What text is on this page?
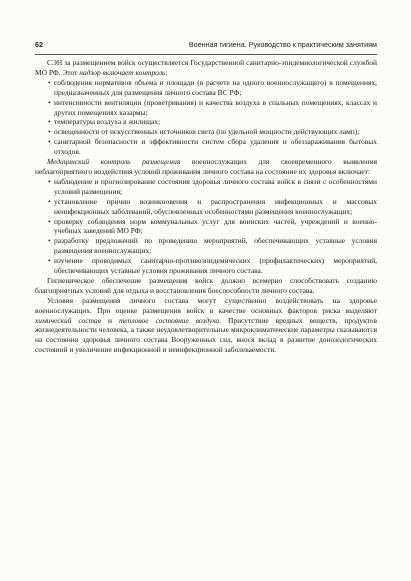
62	Военная гигиена. Руководство к практическим занятиям

СЭН за размещением войск осуществляется Государственной санитарно-эпидемиологической службой МО РФ. Этот надзор включает контроль:

• соблюдения нормативов объема и площади (в расчете на одного военнослужащего) в помещениях, предназначенных для размещения личного состава ВС РФ;
• интенсивности вентиляции (проветривания) и качества воздуха в спальных помещениях, классах и других помещениях казармы;
• температуры воздуха в жилищах;
• освещенности от искусственных источников света (по удельной мощности действующих ламп);
• санитарной безопасности и эффективности систем сбора удаления и обеззараживания бытовых отходов.

Медицинский контроль размещения военнослужащих для своевременного выявления неблагоприятного воздействия условий проживания личного состава на состояние их здоровья включает:

• наблюдение и прогнозирование состояния здоровья личного состава войск в связи с особенностями условий размещения;
• установление причин возникновения и распространения инфекционных и массовых неинфекционных заболеваний, обусловленных особенностями размещения военнослужащих;
• проверку соблюдения норм коммунальных услуг для воинских частей, учреждений и военно-учебных заведений МО РФ;
• разработку предложений по проведению мероприятий, обеспечивающих уставные условия размещения военнослужащих;
• изучение проводимых санитарно-противоэпидемических (профилактических) мероприятий, обеспечивающих уставные условия проживания личного состава.

Гигиеническое обеспечение размещения войск должно всемерно способствовать созданию благоприятных условий для отдыха и восстановления боеспособности личного состава.

Условия размещения личного состава могут существенно воздействовать на здоровье военнослужащих. При оценке размещения войск в качестве основных факторов риска выделяют химический состав и тепловое состояние воздуха. Присутствие вредных веществ, продуктов жизнедеятельности человека, а также неудовлетворительные микроклиматические параметры сказываются на состоянии здоровья личного состава Вооруженных сил, внося вклад в развитие донозологических состояний и увеличение инфекционной и неинфекционной заболеваемости.
